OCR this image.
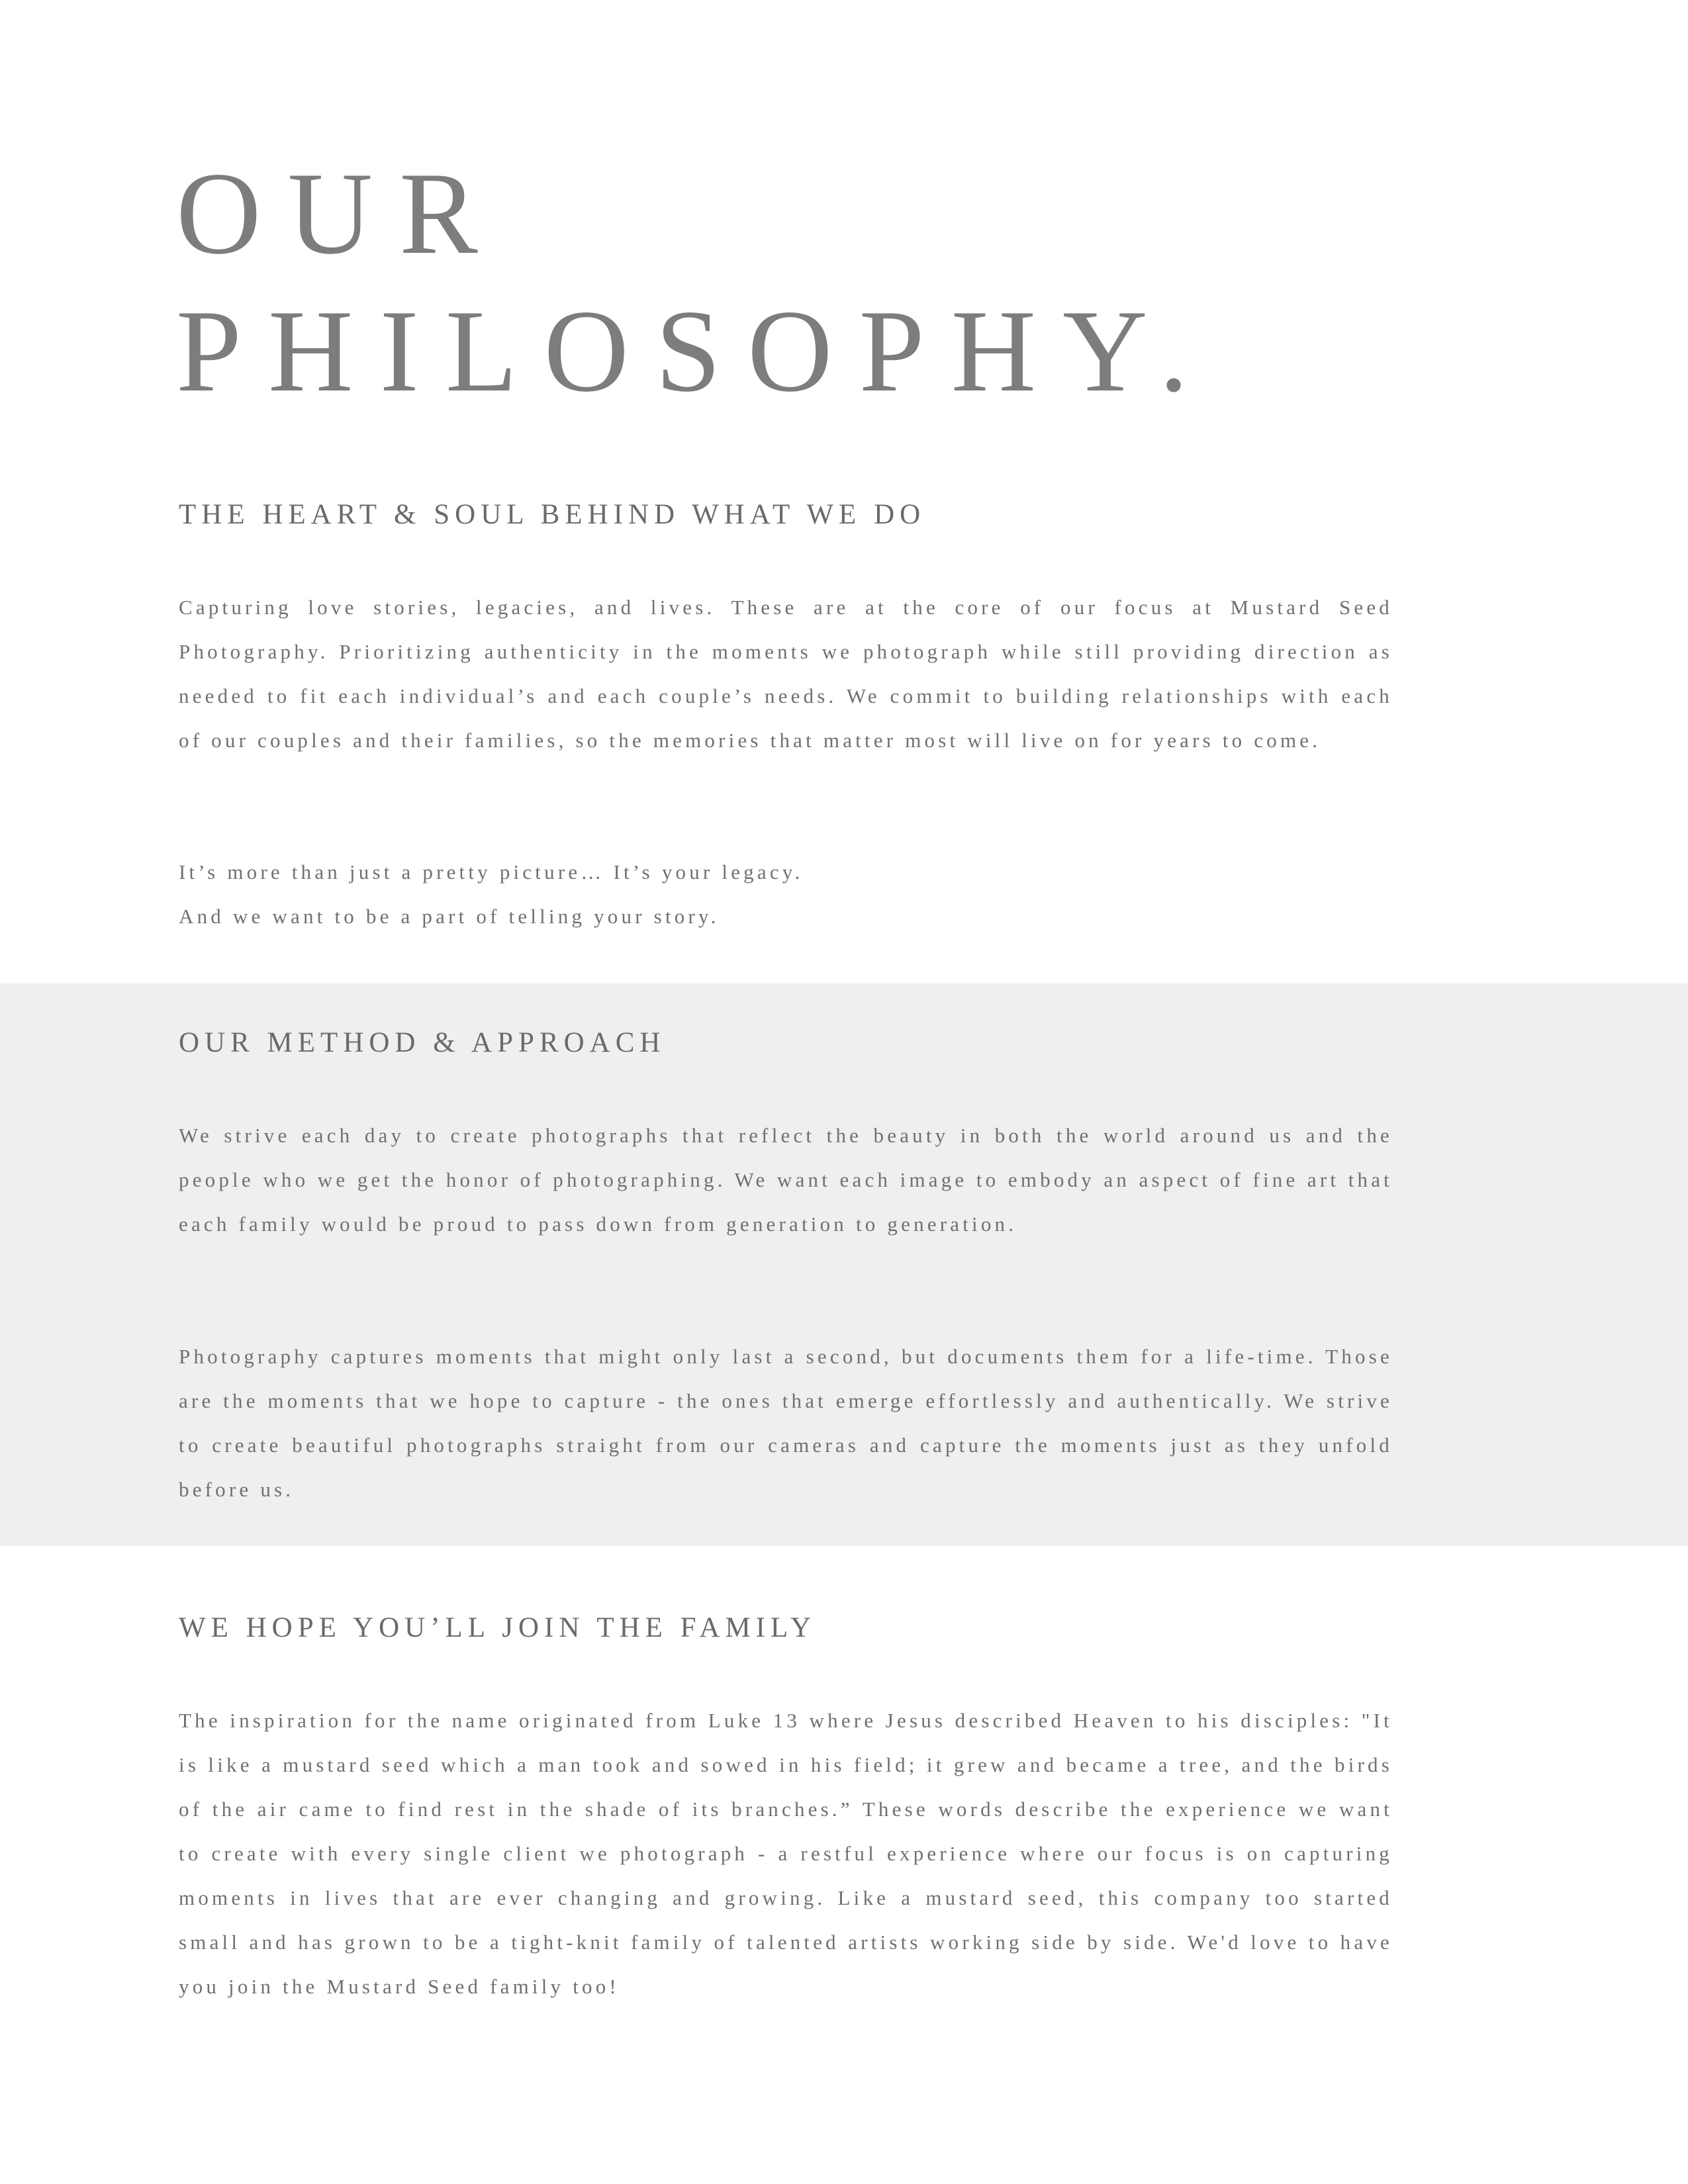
OUR
PHILOSOPHY.
THE HEART & SOUL BEHIND WHAT WE DO

Capturing love stories, legacies, and lives. These are at the core of our focus at Mustard Seed Photography. Prioritizing authenticity in the moments we photograph while still providing direction as needed to fit each individual’s and each couple’s needs. We commit to building relationships with each of our couples and their families, so the memories that matter most will live on for years to come.

It’s more than just a pretty picture… It’s your legacy.

And we want to be a part of telling your story.

OUR METHOD & APPROACH

We strive each day to create photographs that reflect the beauty in both the world around us and the people who we get the honor of photographing. We want each image to embody an aspect of fine art that each family would be proud to pass down from generation to generation.

Photography captures moments that might only last a second, but documents them for a life-time. Those are the moments that we hope to capture - the ones that emerge effortlessly and authentically. We strive to create beautiful photographs straight from our cameras and capture the moments just as they unfold before us.

WE HOPE YOU’LL JOIN THE FAMILY

The inspiration for the name originated from Luke 13 where Jesus described Heaven to his disciples: "It is like a mustard seed which a man took and sowed in his field; it grew and became a tree, and the birds of the air came to find rest in the shade of its branches.” These words describe the experience we want to create with every single client we photograph - a restful experience where our focus is on capturing moments in lives that are ever changing and growing. Like a mustard seed, this company too started small and has grown to be a tight-knit family of talented artists working side by side. We'd love to have you join the Mustard Seed family too!
